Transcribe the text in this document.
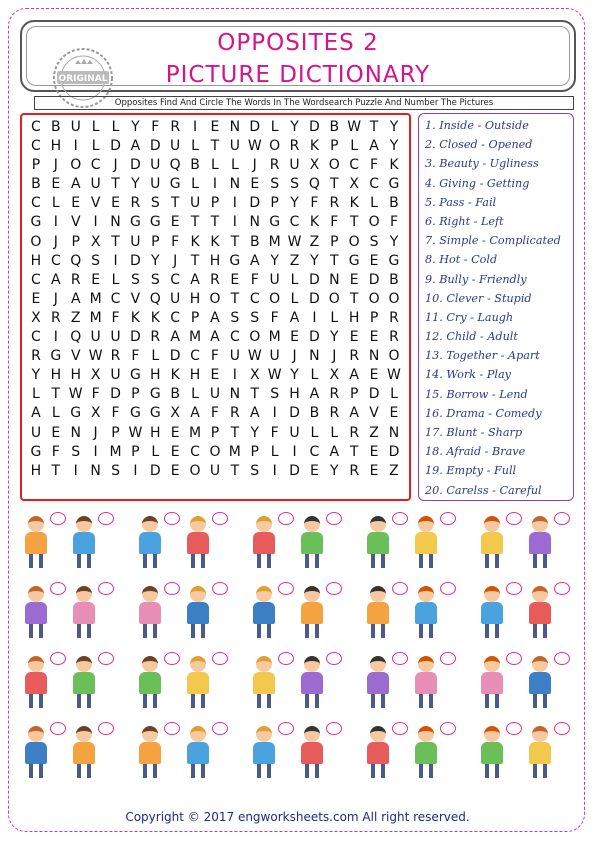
ORIGINAL
OPPOSITES 2
PICTURE DICTIONARY
Opposites Find And Circle The Words In The Wordsearch Puzzle And Number The Pictures
C B U L L Y F R I E N D L Y D B W T Y
C H I L D A D U L T U W O R K P L A Y
P J O C J D U Q B L L J R U X O C F K
B E A U T Y U G L I N E S S Q T X C G
C L E V E R S T U P I D P Y F R K L B
G I V I N G G E T T I N G C K F T O F
O J P X T U P F K K T B M W Z P O S Y
H C Q S I D Y J T H G A Y Z Y T G E G
C A R E L S S C A R E F U L D N E D B
E J A M C V Q U H O T C O L D O T O O
X R Z M F K K C P A S S F A I L H P R
C I Q U U D R A M A C O M E D Y E E R
R G V W R F L D C F U W U J N J R N O
Y H H X U G H K H E I X W Y L X A E W
L T W F D P G B L U N T S H A R P D L
A L G X F G G X A F R A I D B R A V E
U E N J P W H E M P T Y F U L L R Z N
G F S I M P L E C O M P L I C A T E D
H T I N S I D E O U T S I D E Y R E Z
1. Inside - Outside
2. Closed - Opened
3. Beauty - Ugliness
4. Giving - Getting
5. Pass - Fail
6. Right - Left
7. Simple - Complicated
8. Hot - Cold
9. Bully - Friendly
10. Clever - Stupid
11. Cry - Laugh
12. Child - Adult
13. Together - Apart
14. Work - Play
15. Borrow - Lend
16. Drama - Comedy
17. Blunt - Sharp
18. Afraid - Brave
19. Empty - Full
20. Carelss - Careful
Copyright © 2017 engworksheets.com All right reserved.
